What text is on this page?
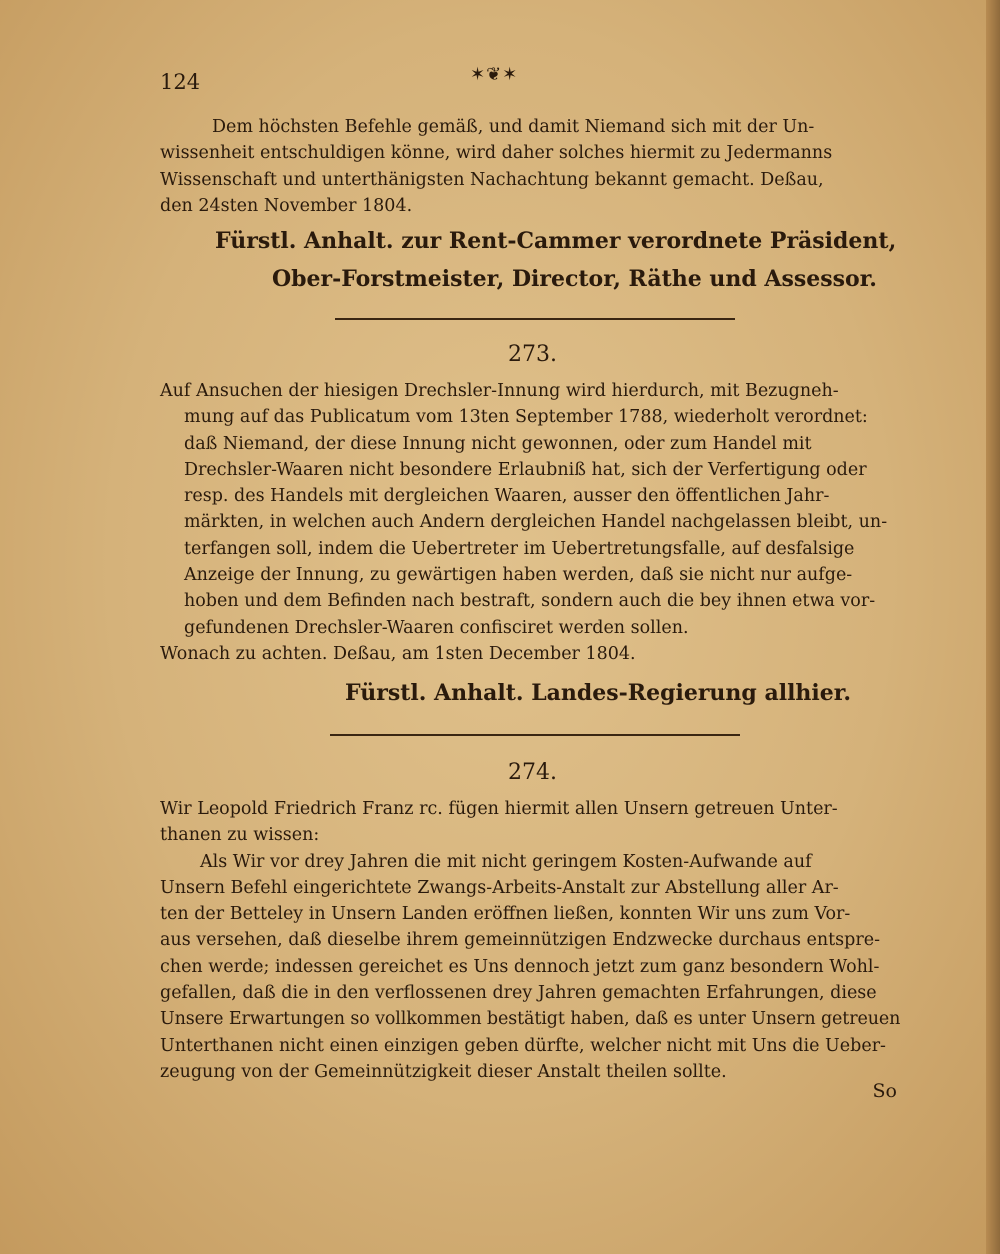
124	✶❦✶
Dem höchsten Befehle gemäß, und damit Niemand sich mit der Un-
wissenheit entschuldigen könne, wird daher solches hiermit zu Jedermanns
Wissenschaft und unterthänigsten Nachachtung bekannt gemacht. Deßau,
den 24sten November 1804.
Fürstl. Anhalt. zur Rent-Cammer verordnete Präsident,
Ober-Forstmeister, Director, Räthe und Assessor.
273.
Auf Ansuchen der hiesigen Drechsler-Innung wird hierdurch, mit Bezugneh-
mung auf das Publicatum vom 13ten September 1788, wiederholt verordnet:
daß Niemand, der diese Innung nicht gewonnen, oder zum Handel mit
Drechsler-Waaren nicht besondere Erlaubniß hat, sich der Verfertigung oder
resp. des Handels mit dergleichen Waaren, ausser den öffentlichen Jahr-
märkten, in welchen auch Andern dergleichen Handel nachgelassen bleibt, un-
terfangen soll, indem die Uebertreter im Uebertretungsfalle, auf desfalsige
Anzeige der Innung, zu gewärtigen haben werden, daß sie nicht nur aufge-
hoben und dem Befinden nach bestraft, sondern auch die bey ihnen etwa vor-
gefundenen Drechsler-Waaren confisciret werden sollen.
Wonach zu achten. Deßau, am 1sten December 1804.
Fürstl. Anhalt. Landes-Regierung allhier.
274.
Wir Leopold Friedrich Franz rc. fügen hiermit allen Unsern getreuen Unter-
thanen zu wissen:
Als Wir vor drey Jahren die mit nicht geringem Kosten-Aufwande auf
Unsern Befehl eingerichtete Zwangs-Arbeits-Anstalt zur Abstellung aller Ar-
ten der Betteley in Unsern Landen eröffnen ließen, konnten Wir uns zum Vor-
aus versehen, daß dieselbe ihrem gemeinnützigen Endzwecke durchaus entspre-
chen werde; indessen gereichet es Uns dennoch jetzt zum ganz besondern Wohl-
gefallen, daß die in den verflossenen drey Jahren gemachten Erfahrungen, diese
Unsere Erwartungen so vollkommen bestätigt haben, daß es unter Unsern getreuen
Unterthanen nicht einen einzigen geben dürfte, welcher nicht mit Uns die Ueber-
zeugung von der Gemeinnützigkeit dieser Anstalt theilen sollte.
So
